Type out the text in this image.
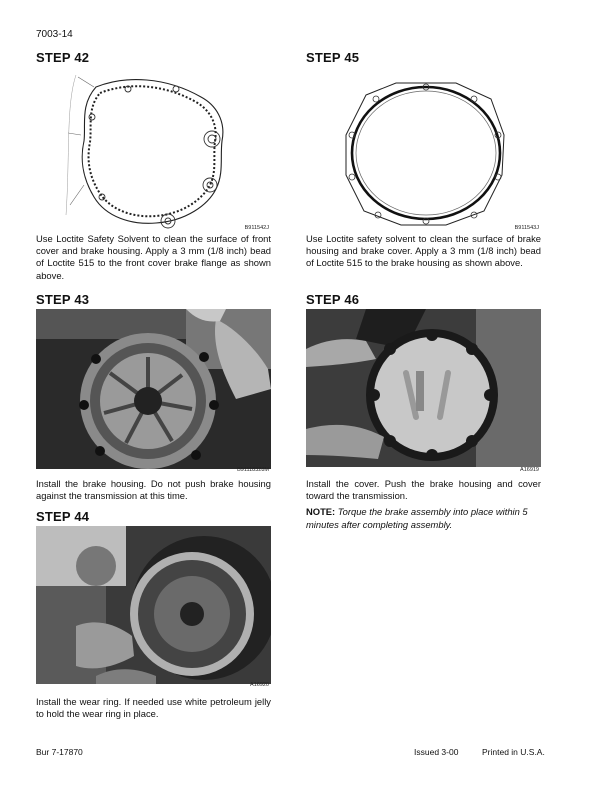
7003-14
STEP 42
B911542J

Use Loctite Safety Solvent to clean the surface of front cover and brake housing. Apply a 3 mm (1/8 inch) bead of Loctite 515 to the front cover brake flange as shown above.

STEP 43
B91118328M

Install the brake housing. Do not push brake housing against the transmission at this time.

STEP 44
A16920

Install the wear ring. If needed use white petroleum jelly to hold the wear ring in place.

STEP 45
B911543J

Use Loctite safety solvent to clean the surface of brake housing and brake cover. Apply a 3 mm (1/8 inch) bead of Loctite 515 to the brake housing as shown above.

STEP 46
A16919

Install the cover. Push the brake housing and cover toward the transmission.

NOTE: Torque the brake assembly into place within 5 minutes after completing assembly.

Bur 7-17870	Issued 3-00	Printed in U.S.A.
